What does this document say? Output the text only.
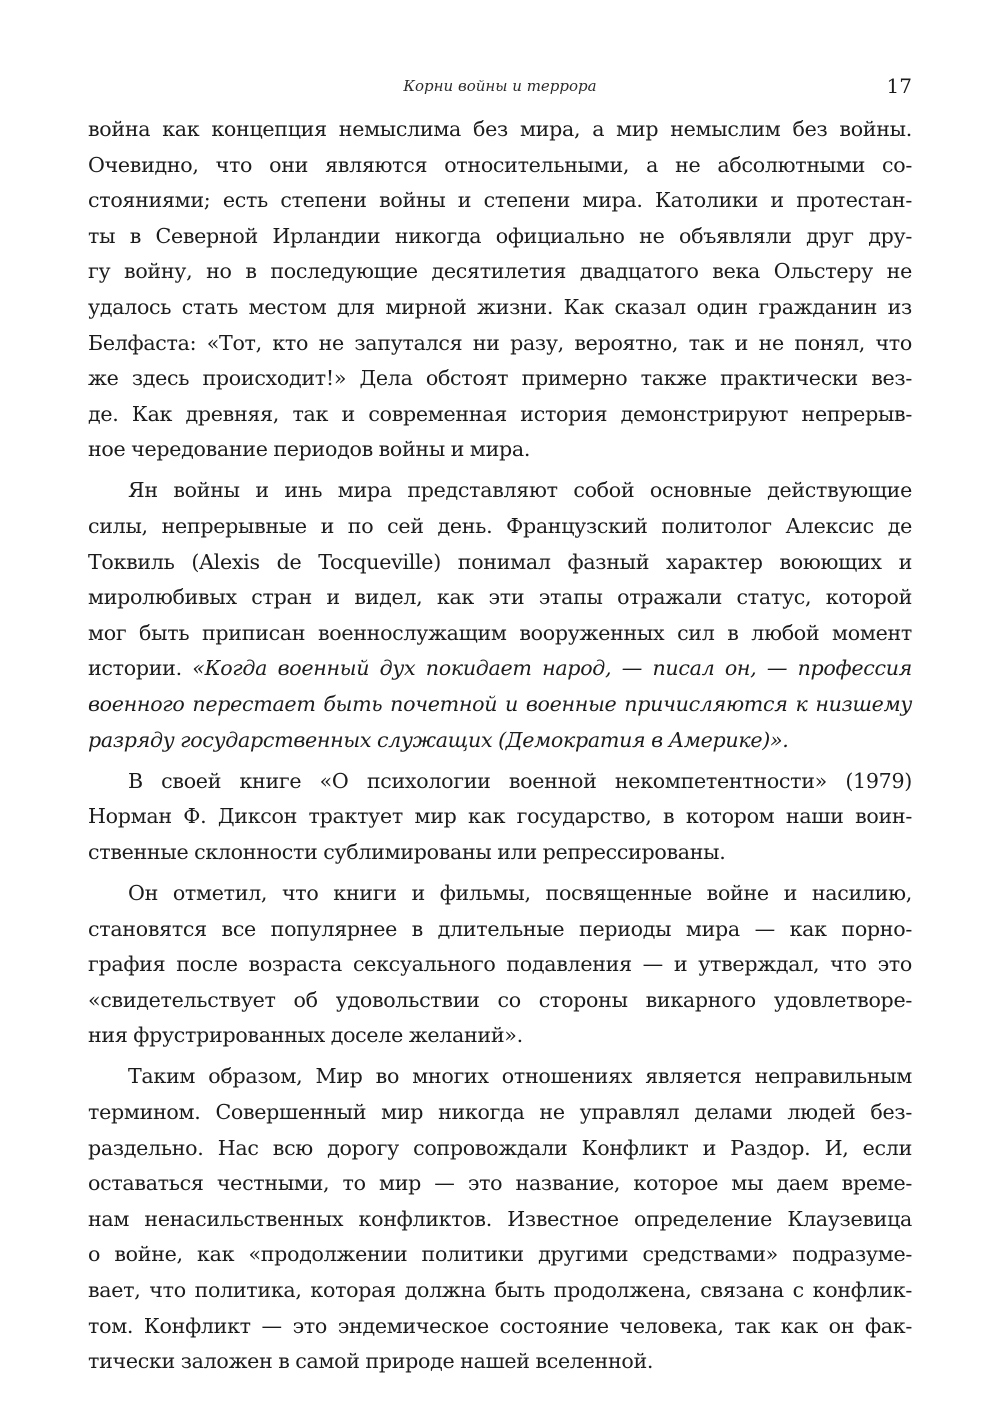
Корни войны и террора	17
война как концепция немыслима без мира, а мир немыслим без войны.
Очевидно, что они являются относительными, а не абсолютными со-
стояниями; есть степени войны и степени мира. Католики и протестан-
ты в Северной Ирландии никогда официально не объявляли друг дру-
гу войну, но в последующие десятилетия двадцатого века Ольстеру не
удалось стать местом для мирной жизни. Как сказал один гражданин из
Белфаста: «Тот, кто не запутался ни разу, вероятно, так и не понял, что
же здесь происходит!» Дела обстоят примерно также практически вез-
де. Как древняя, так и современная история демонстрируют непрерыв-
ное чередование периодов войны и мира.
Ян войны и инь мира представляют собой основные действующие
силы, непрерывные и по сей день. Французский политолог Алексис де
Токвиль (Alexis de Tocqueville) понимал фазный характер воюющих и
миролюбивых стран и видел, как эти этапы отражали статус, которой
мог быть приписан военнослужащим вооруженных сил в любой момент
истории. «Когда военный дух покидает народ, — писал он, — профессия
военного перестает быть почетной и военные причисляются к низшему
разряду государственных служащих (Демократия в Америке)».
В своей книге «О психологии военной некомпетентности» (1979)
Норман Ф. Диксон трактует мир как государство, в котором наши воин-
ственные склонности сублимированы или репрессированы.
Он отметил, что книги и фильмы, посвященные войне и насилию,
становятся все популярнее в длительные периоды мира — как порно-
графия после возраста сексуального подавления — и утверждал, что это
«свидетельствует об удовольствии со стороны викарного удовлетворе-
ния фрустрированных доселе желаний».
Таким образом, Мир во многих отношениях является неправильным
термином. Совершенный мир никогда не управлял делами людей без-
раздельно. Нас всю дорогу сопровождали Конфликт и Раздор. И, если
оставаться честными, то мир — это название, которое мы даем време-
нам ненасильственных конфликтов. Известное определение Клаузевица
о войне, как «продолжении политики другими средствами» подразуме-
вает, что политика, которая должна быть продолжена, связана с конфлик-
том. Конфликт — это эндемическое состояние человека, так как он фак-
тически заложен в самой природе нашей вселенной.
